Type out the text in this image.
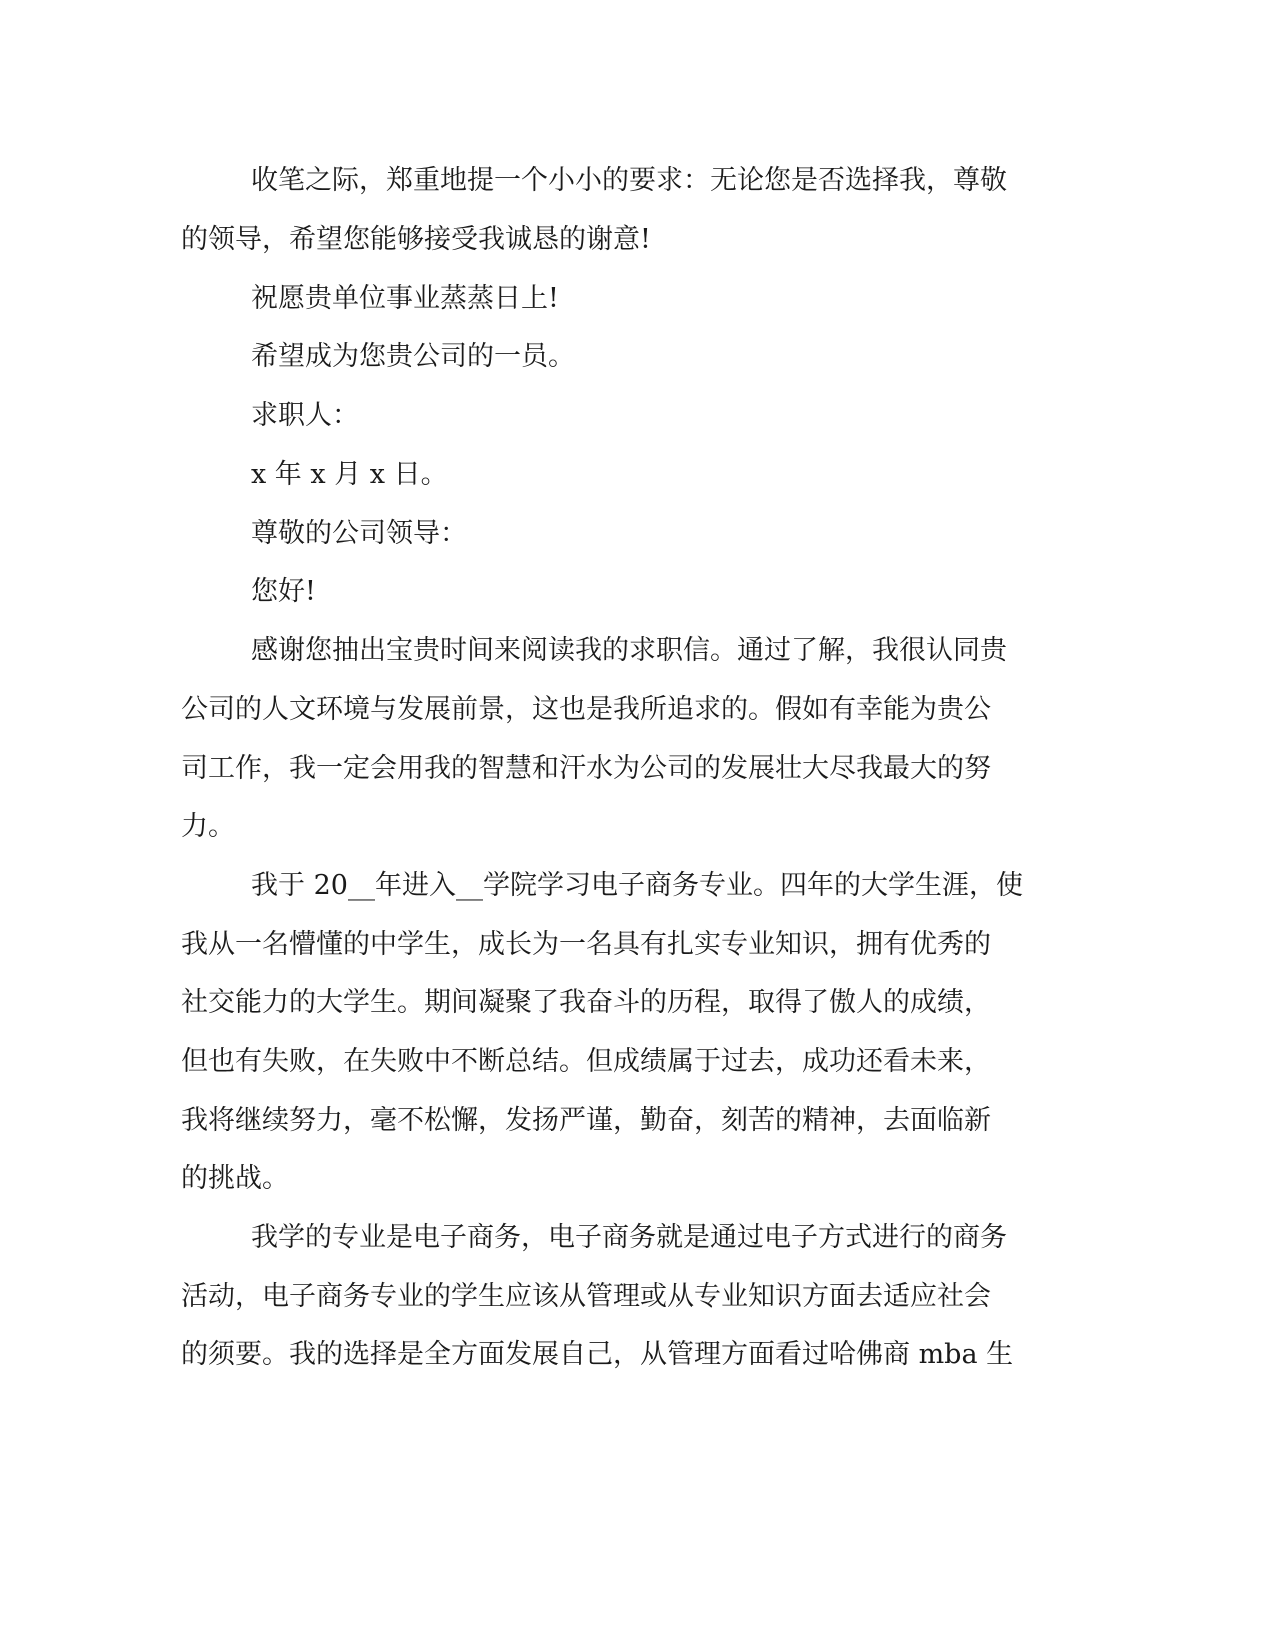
收笔之际，郑重地提一个小小的要求：无论您是否选择我，尊敬
的领导，希望您能够接受我诚恳的谢意!
祝愿贵单位事业蒸蒸日上!
希望成为您贵公司的一员。
求职人：
x 年 x 月 x 日。
尊敬的公司领导：
您好!
感谢您抽出宝贵时间来阅读我的求职信。通过了解，我很认同贵
公司的人文环境与发展前景，这也是我所追求的。假如有幸能为贵公
司工作，我一定会用我的智慧和汗水为公司的发展壮大尽我最大的努
力。
我于 20__年进入__学院学习电子商务专业。四年的大学生涯，使
我从一名懵懂的中学生，成长为一名具有扎实专业知识，拥有优秀的
社交能力的大学生。期间凝聚了我奋斗的历程，取得了傲人的成绩，
但也有失败，在失败中不断总结。但成绩属于过去，成功还看未来，
我将继续努力，毫不松懈，发扬严谨，勤奋，刻苦的精神，去面临新
的挑战。
我学的专业是电子商务，电子商务就是通过电子方式进行的商务
活动，电子商务专业的学生应该从管理或从专业知识方面去适应社会
的须要。我的选择是全方面发展自己，从管理方面看过哈佛商 mba 生
